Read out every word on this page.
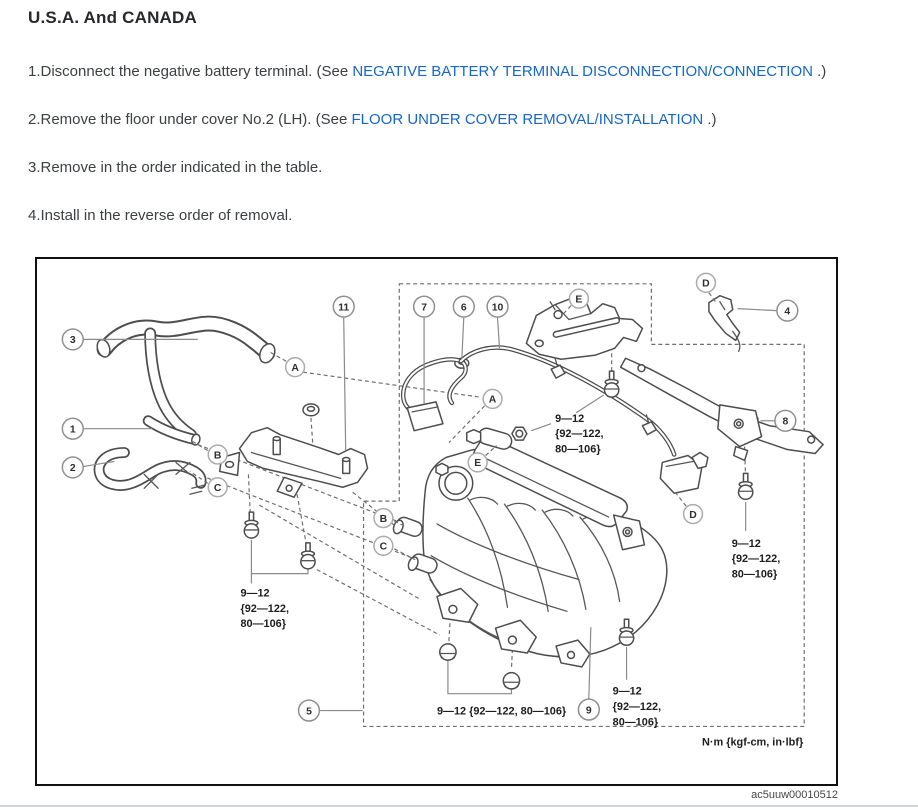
U.S.A. And CANADA

1.Disconnect the negative battery terminal. (See NEGATIVE BATTERY TERMINAL DISCONNECTION/CONNECTION .)

2.Remove the floor under cover No.2 (LH). (See FLOOR UNDER COVER REMOVAL/INSTALLATION .)

3.Remove in the order indicated in the table.

4.Install in the reverse order of removal.

1
2
3
4
5
6
7
8
9
10
11
A
B
C
A
B
C
D
D
E
E
9—12 {92—122, 80—106}
9—12 {92—122, 80—106}
9—12 {92—122, 80—106}
9—12 {92—122, 80—106}
9—12 {92—122, 80—106}
N·m {kgf-cm, in·lbf}
ac5uuw00010512
